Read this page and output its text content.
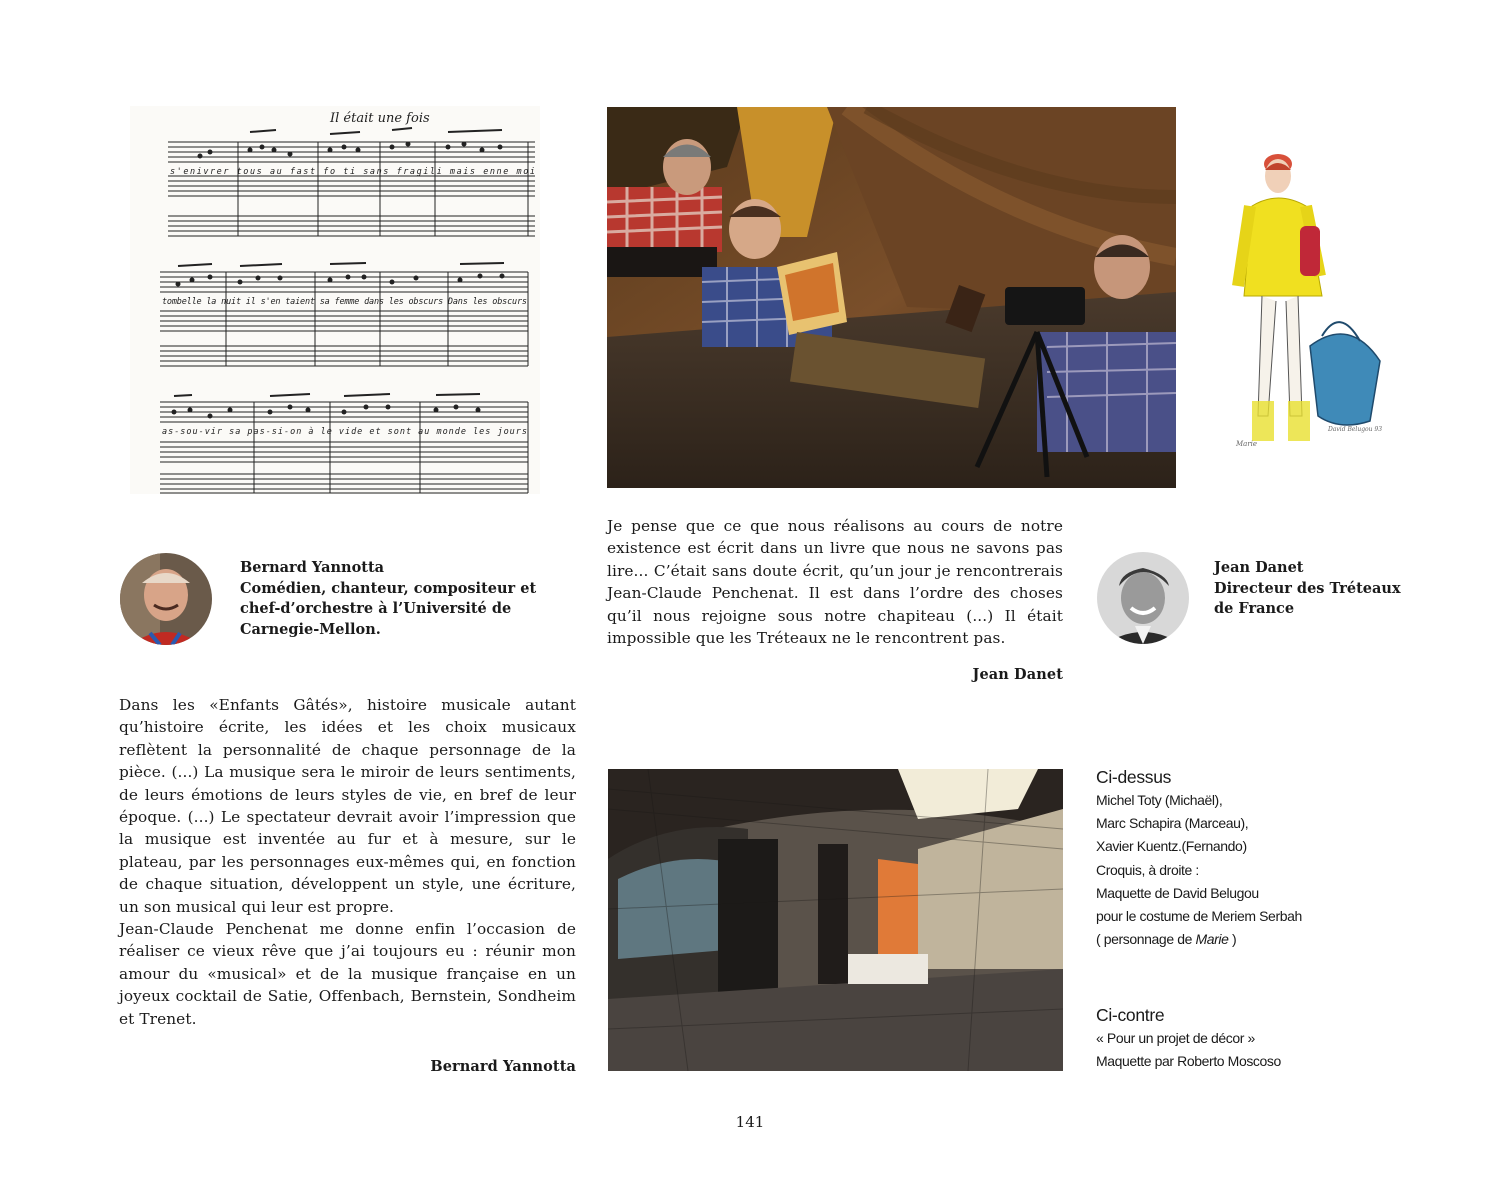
Il était une fois
s'enivrer tous au fast fo ti sans fragili mais enne moi
tombelle la nuit il s'en taient sa femme dans les obscurs Dans les obscurs
as-sou-vir sa pas-si-on à le vide et sont au monde les jours
Marie
David Belugou 93

Bernard Yannotta

Comédien, chanteur, compositeur et chef-d’orchestre à l’Université de Carnegie-Mellon.

Jean Danet

Directeur des Tréteaux de France

Je pense que ce que nous réalisons au cours de notre existence est écrit dans un livre que nous ne savons pas lire... C’était sans doute écrit, qu’un jour je rencontrerais Jean-Claude Penchenat. Il est dans l’ordre des choses qu’il nous rejoigne sous notre chapiteau (...) Il était impossible que les Tréteaux ne le rencontrent pas.

Jean Danet

Dans les «Enfants Gâtés», histoire musicale autant qu’histoire écrite, les idées et les choix musicaux reflètent la personnalité de chaque personnage de la pièce. (...) La musique sera le miroir de leurs sentiments, de leurs émotions de leurs styles de vie, en bref de leur époque. (...) Le spectateur devrait avoir l’impression que la musique est inventée au fur et à mesure, sur le plateau, par les personnages eux-mêmes qui, en fonction de chaque situation, développent un style, une écriture, un son musical qui leur est propre.

Jean-Claude Penchenat me donne enfin l’occasion de réaliser ce vieux rêve que j’ai toujours eu : réunir mon amour du «musical» et de la musique française en un joyeux cocktail de Satie, Offenbach, Bernstein, Sondheim et Trenet.

Bernard Yannotta

Ci-dessus

Michel Toty (Michaël),

Marc Schapira (Marceau),

Xavier Kuentz.(Fernando)

Croquis, à droite :

Maquette de David Belugou

pour le costume de Meriem Serbah

( personnage de Marie )

Ci-contre

« Pour un projet de décor »

Maquette par Roberto Moscoso

141
